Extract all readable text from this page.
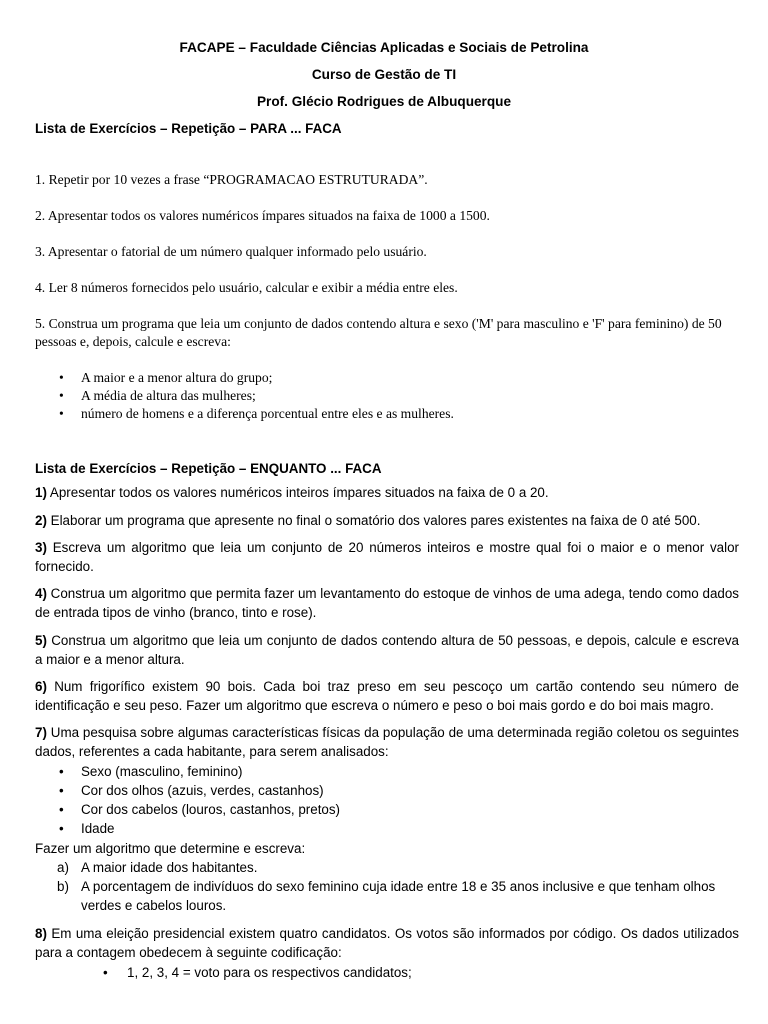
FACAPE – Faculdade Ciências Aplicadas e Sociais de Petrolina
Curso de Gestão de TI
Prof. Glécio Rodrigues de Albuquerque
Lista de Exercícios – Repetição – PARA ... FACA
1. Repetir por 10 vezes a frase “PROGRAMACAO ESTRUTURADA”.
2. Apresentar todos os valores numéricos ímpares situados na faixa de 1000 a 1500.
3. Apresentar o fatorial de um número qualquer informado pelo usuário.
4. Ler 8 números fornecidos pelo usuário, calcular e exibir a média entre eles.
5. Construa um programa que leia um conjunto de dados contendo altura e sexo ('M' para masculino e 'F' para feminino) de 50 pessoas e, depois, calcule e escreva:
• A maior e a menor altura do grupo;
• A média de altura das mulheres;
• número de homens e a diferença porcentual entre eles e as mulheres.
Lista de Exercícios – Repetição – ENQUANTO ... FACA
1) Apresentar todos os valores numéricos inteiros ímpares situados na faixa de 0 a 20.
2) Elaborar um programa que apresente no final o somatório dos valores pares existentes na faixa de 0 até 500.
3) Escreva um algoritmo que leia um conjunto de 20 números inteiros e mostre qual foi o maior e o menor valor fornecido.
4) Construa um algoritmo que permita fazer um levantamento do estoque de vinhos de uma adega, tendo como dados de entrada tipos de vinho (branco, tinto e rose).
5) Construa um algoritmo que leia um conjunto de dados contendo altura de 50 pessoas, e depois, calcule e escreva a maior e a menor altura.
6) Num frigorífico existem 90 bois. Cada boi traz preso em seu pescoço um cartão contendo seu número de identificação e seu peso. Fazer um algoritmo que escreva o número e peso o boi mais gordo e do boi mais magro.
7) Uma pesquisa sobre algumas características físicas da população de uma determinada região coletou os seguintes dados, referentes a cada habitante, para serem analisados:
• Sexo (masculino, feminino)
• Cor dos olhos (azuis, verdes, castanhos)
• Cor dos cabelos (louros, castanhos, pretos)
• Idade
Fazer um algoritmo que determine e escreva:
a) A maior idade dos habitantes.
b) A porcentagem de indivíduos do sexo feminino cuja idade entre 18 e 35 anos inclusive e que tenham olhos verdes e cabelos louros.
8) Em uma eleição presidencial existem quatro candidatos. Os votos são informados por código. Os dados utilizados para a contagem obedecem à seguinte codificação:
• 1, 2, 3, 4 = voto para os respectivos candidatos;
